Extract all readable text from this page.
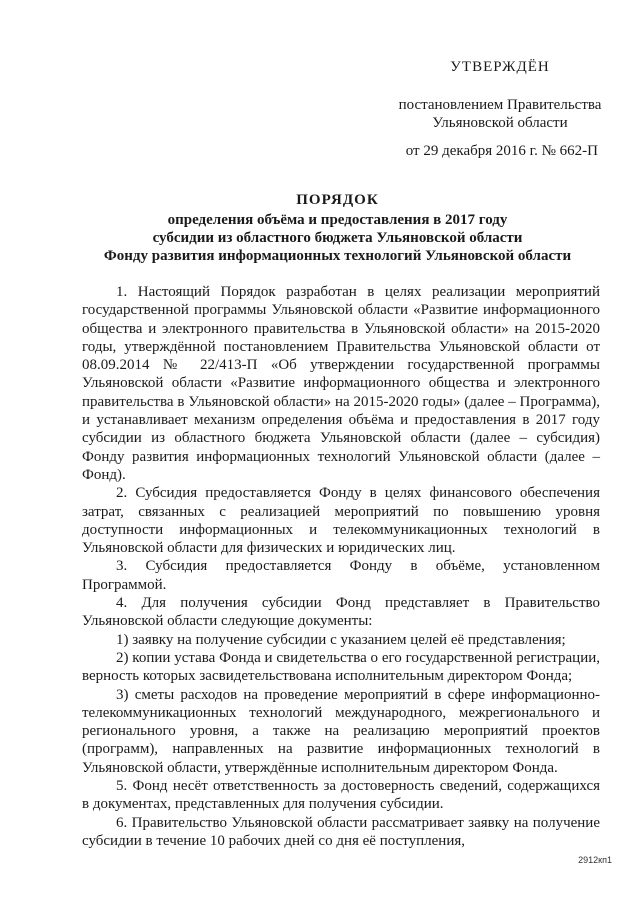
УТВЕРЖДЁН
постановлением Правительства
Ульяновской области
от 29 декабря 2016 г. № 662-П
ПОРЯДОК
определения объёма и предоставления в 2017 году
субсидии из областного бюджета Ульяновской области
Фонду развития информационных технологий Ульяновской области

1. Настоящий Порядок разработан в целях реализации мероприятий государственной программы Ульяновской области «Развитие информационного общества и электронного правительства в Ульяновской области» на 2015-2020 годы, утверждённой постановлением Правительства Ульяновской области от 08.09.2014 № 22/413-П «Об утверждении государственной программы Ульяновской области «Развитие информационного общества и электронного правительства в Ульяновской области» на 2015-2020 годы» (далее – Программа), и устанавливает механизм определения объёма и предоставления в 2017 году субсидии из областного бюджета Ульяновской области (далее – субсидия) Фонду развития информационных технологий Ульяновской области (далее – Фонд).

2. Субсидия предоставляется Фонду в целях финансового обеспечения затрат, связанных с реализацией мероприятий по повышению уровня доступности информационных и телекоммуникационных технологий в Ульяновской области для физических и юридических лиц.

3. Субсидия предоставляется Фонду в объёме, установленном Программой.

4. Для получения субсидии Фонд представляет в Правительство Ульяновской области следующие документы:

1) заявку на получение субсидии с указанием целей её представления;

2) копии устава Фонда и свидетельства о его государственной регистрации, верность которых засвидетельствована исполнительным директором Фонда;

3) сметы расходов на проведение мероприятий в сфере информационно-телекоммуникационных технологий международного, межрегионального и регионального уровня, а также на реализацию мероприятий проектов (программ), направленных на развитие информационных технологий в Ульяновской области, утверждённые исполнительным директором Фонда.

5. Фонд несёт ответственность за достоверность сведений, содержащихся в документах, представленных для получения субсидии.

6. Правительство Ульяновской области рассматривает заявку на получение субсидии в течение 10 рабочих дней со дня её поступления,

2912кп1
